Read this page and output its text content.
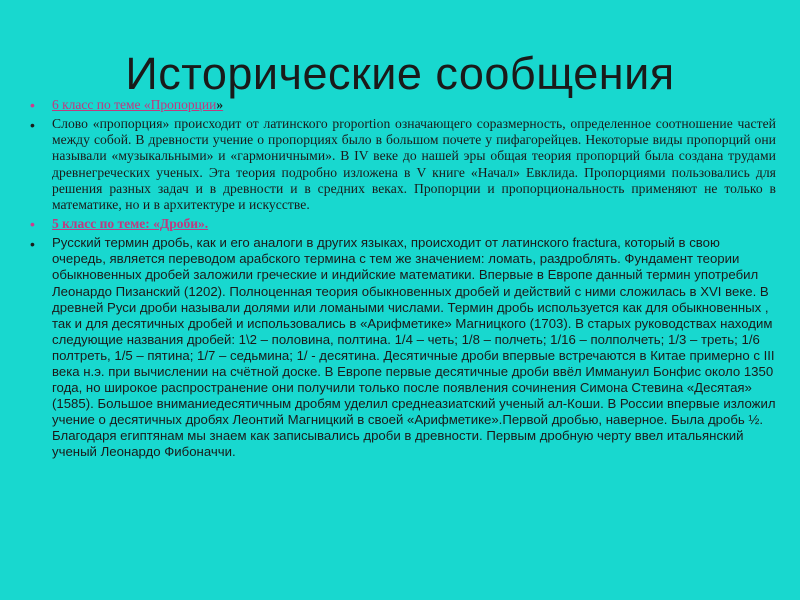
Исторические сообщения
• 6 класс по теме «Пропорции»
• Слово «пропорция» происходит от латинского proportion означающего соразмерность, определенное соотношение частей между собой. В древности учение о пропорциях было в большом почете у пифагорейцев. Некоторые виды пропорций они называли «музыкальными» и «гармоничными». В IV веке до нашей эры общая теория пропорций была создана трудами древнегреческих ученых. Эта теория подробно изложена в V книге «Начал» Евклида. Пропорциями пользовались для решения разных задач и в древности и в средних веках. Пропорции и пропорциональность применяют не только в математике, но и в архитектуре и искусстве.
• 5 класс по теме: «Дроби».
• Русский термин дробь, как и его аналоги в других языках, происходит от латинского fractura, который в свою очередь, является переводом арабского термина с тем же значением: ломать, раздроблять. Фундамент теории обыкновенных дробей заложили греческие и индийские математики. Впервые в Европе данный термин употребил Леонардо Пизанский (1202). Полноценная теория обыкновенных дробей и действий с ними сложилась в XVI веке. В древней Руси дроби называли долями или ломаными числами. Термин дробь используется как для обыкновенных , так и для десятичных дробей и использовались в «Арифметике» Магницкого (1703). В старых руководствах находим следующие названия дробей: 1\2 – половина, полтина. 1/4 – четь; 1/8 – полчеть; 1/16 – полполчеть; 1/3 – треть; 1/6 полтреть, 1/5 – пятина; 1/7 – седьмина; 1/ - десятина. Десятичные дроби впервые встречаются в Китае примерно с III века н.э. при вычислении на счётной доске. В Европе первые десятичные дроби ввёл Иммануил Бонфис около 1350 года, но широкое распространение они получили только после появления сочинения Симона Стевина «Десятая» (1585). Большое вниманиедесятичным дробям уделил среднеазиатский ученый ал-Коши. В России впервые изложил учение о десятичных дробях Леонтий Магницкий в своей «Арифметике».Первой дробью, наверное. Была дробь ½. Благодаря египтянам мы знаем как записывались дроби в древности. Первым дробную черту ввел итальянский ученый Леонардо Фибоначчи.
